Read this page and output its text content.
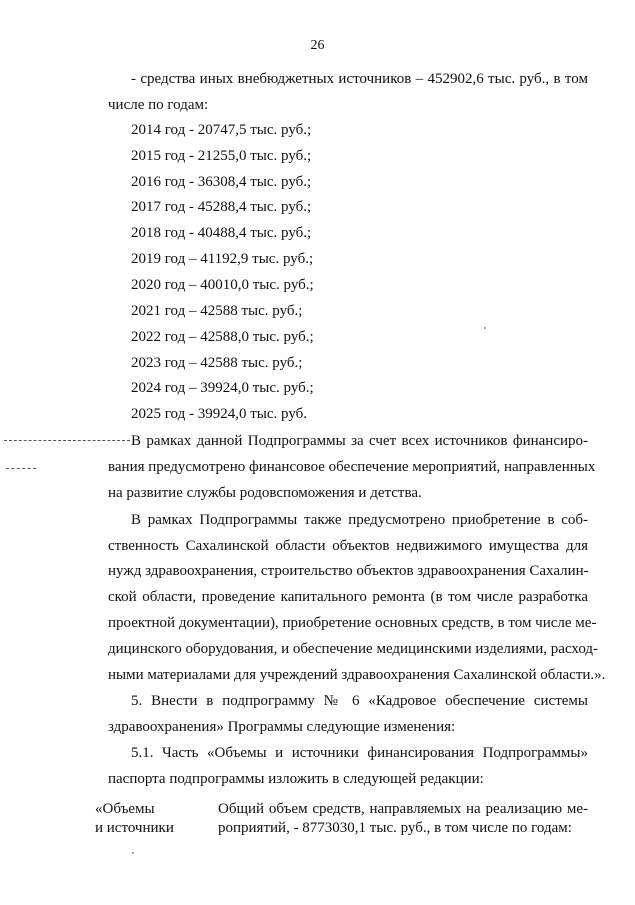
26
- средства иных внебюджетных источников – 452902,6 тыс. руб., в том
числе по годам:
2014 год - 20747,5 тыс. руб.;
2015 год - 21255,0 тыс. руб.;
2016 год - 36308,4 тыс. руб.;
2017 год - 45288,4 тыс. руб.;
2018 год - 40488,4 тыс. руб.;
2019 год – 41192,9 тыс. руб.;
2020 год – 40010,0 тыс. руб.;
2021 год – 42588 тыс. руб.;
2022 год – 42588,0 тыс. руб.;
2023 год – 42588 тыс. руб.;
2024 год – 39924,0 тыс. руб.;
2025 год - 39924,0 тыс. руб.
В рамках данной Подпрограммы за счет всех источников финансиро-
вания предусмотрено финансовое обеспечение мероприятий, направленных
на развитие службы родовспоможения и детства.
В рамках Подпрограммы также предусмотрено приобретение в соб-
ственность Сахалинской области объектов недвижимого имущества для
нужд здравоохранения, строительство объектов здравоохранения Сахалин-
ской области, проведение капитального ремонта (в том числе разработка
проектной документации), приобретение основных средств, в том числе ме-
дицинского оборудования, и обеспечение медицинскими изделиями, расход-
ными материалами для учреждений здравоохранения Сахалинской области.».
5. Внести в подпрограмму № 6 «Кадровое обеспечение системы
здравоохранения» Программы следующие изменения:
5.1. Часть «Объемы и источники финансирования Подпрограммы»
паспорта подпрограммы изложить в следующей редакции:
«Объемы
и источники
Общий объем средств, направляемых на реализацию ме-
роприятий, - 8773030,1 тыс. руб., в том числе по годам:
